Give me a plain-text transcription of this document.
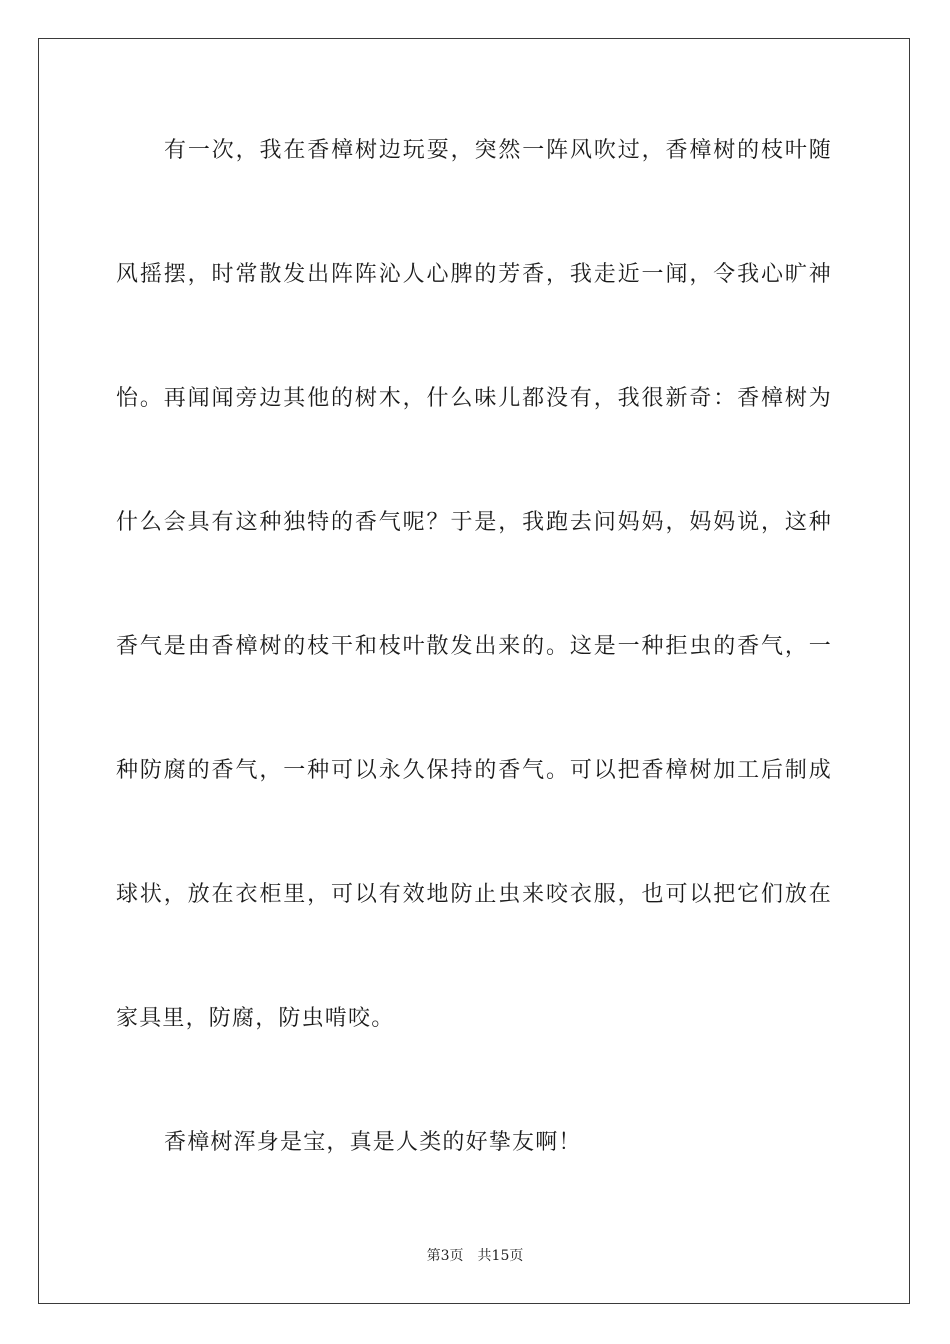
有一次，我在香樟树边玩耍，突然一阵风吹过，香樟树的枝叶随
风摇摆，时常散发出阵阵沁人心脾的芳香，我走近一闻，令我心旷神
怡。再闻闻旁边其他的树木，什么味儿都没有，我很新奇：香樟树为
什么会具有这种独特的香气呢？于是，我跑去问妈妈，妈妈说，这种
香气是由香樟树的枝干和枝叶散发出来的。这是一种拒虫的香气，一
种防腐的香气，一种可以永久保持的香气。可以把香樟树加工后制成
球状，放在衣柜里，可以有效地防止虫来咬衣服，也可以把它们放在
家具里，防腐，防虫啃咬。
香樟树浑身是宝，真是人类的好挚友啊！
第3页 共15页
